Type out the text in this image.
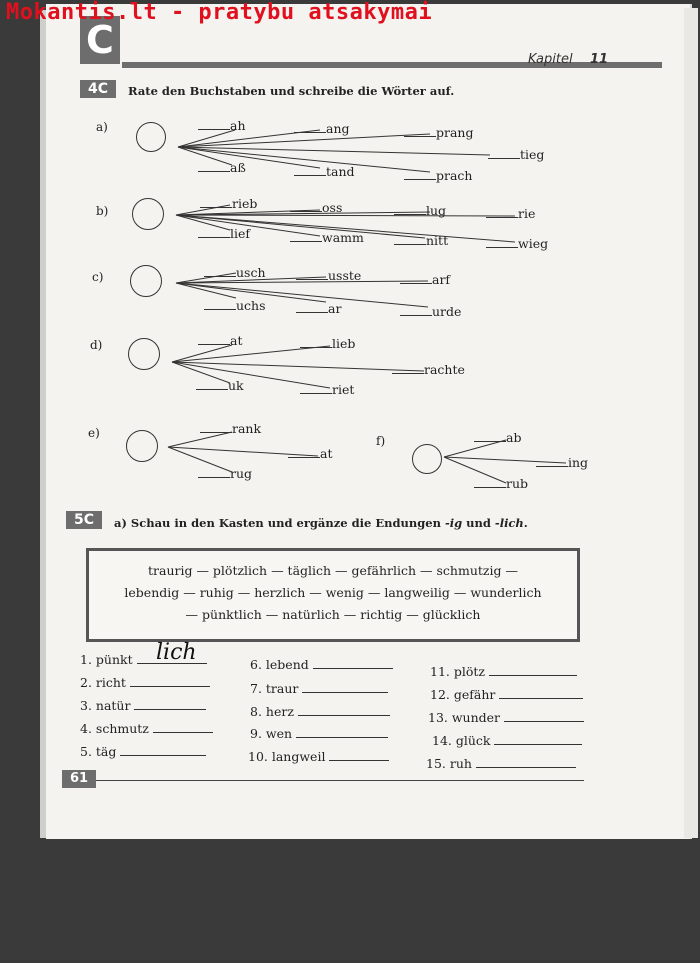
Mokantis.lt - pratybu atsakymai
C	Kapitel 11
4C	Rate den Buchstaben und schreibe die Wörter auf.
a)	ah	ang	prang
tieg
aß	tand	prach
b)	rieb	oss	lug	rie
lief	wamm	nitt	wieg
c)	usch	usste	arf
uchs	ar	urde
d)	at	lieb
rachte
uk	riet
e)	rank
at
rug
f)	ab
ing
rub
5C	a) Schau in den Kasten und ergänze die Endungen -ig und -lich.
traurig — plötzlich — täglich — gefährlich — schmutzig —
lebendig — ruhig — herzlich — wenig — langweilig — wunderlich
— pünktlich — natürlich — richtig — glücklich
1. pünkt	lich
2. richt
3. natür
4. schmutz
5. täg
6. lebend
7. traur
8. herz
9. wen
10. langweil
11. plötz
12. gefähr
13. wunder
14. glück
15. ruh
61
